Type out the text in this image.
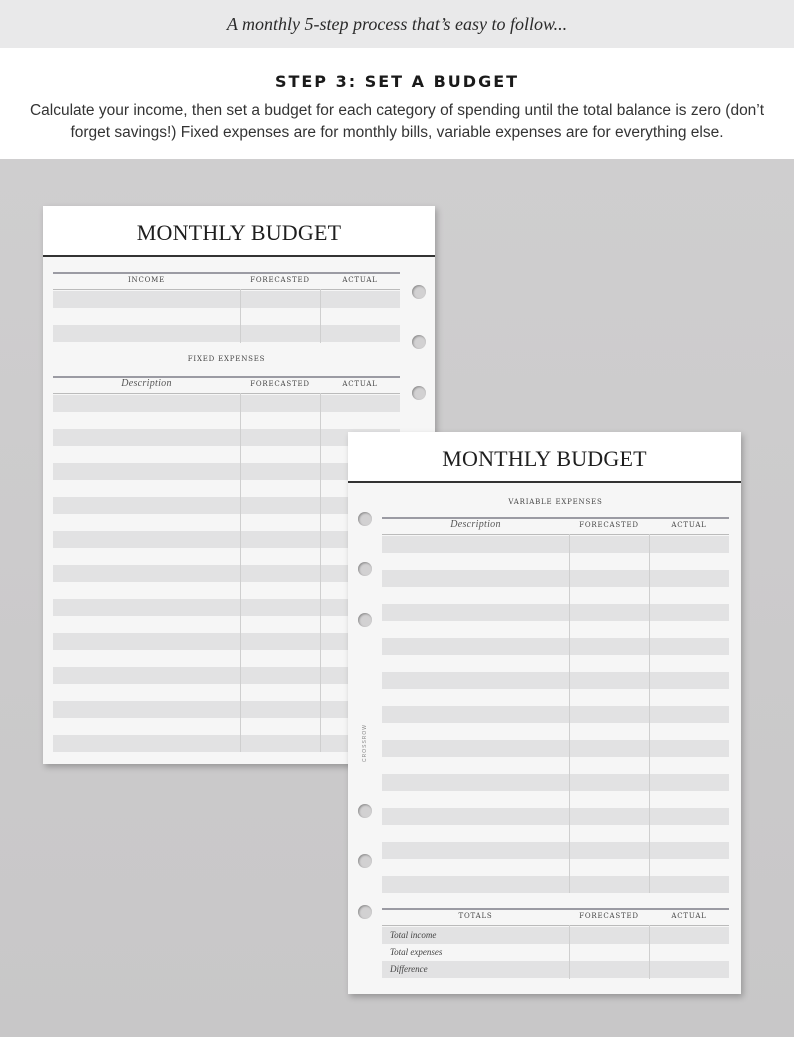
A monthly 5-step process that’s easy to follow...
STEP 3: SET A BUDGET
Calculate your income, then set a budget for each category of spending until the total balance is zero (don’t forget savings!) Fixed expenses are for monthly bills, variable expenses are for everything else.
MONTHLY BUDGET
INCOME	FORECASTED	ACTUAL
FIXED EXPENSES
Description	FORECASTED	ACTUAL
MONTHLY BUDGET
VARIABLE EXPENSES
Description	FORECASTED	ACTUAL
TOTALS	FORECASTED	ACTUAL
Total income
Total expenses
Difference
CROSSROW
